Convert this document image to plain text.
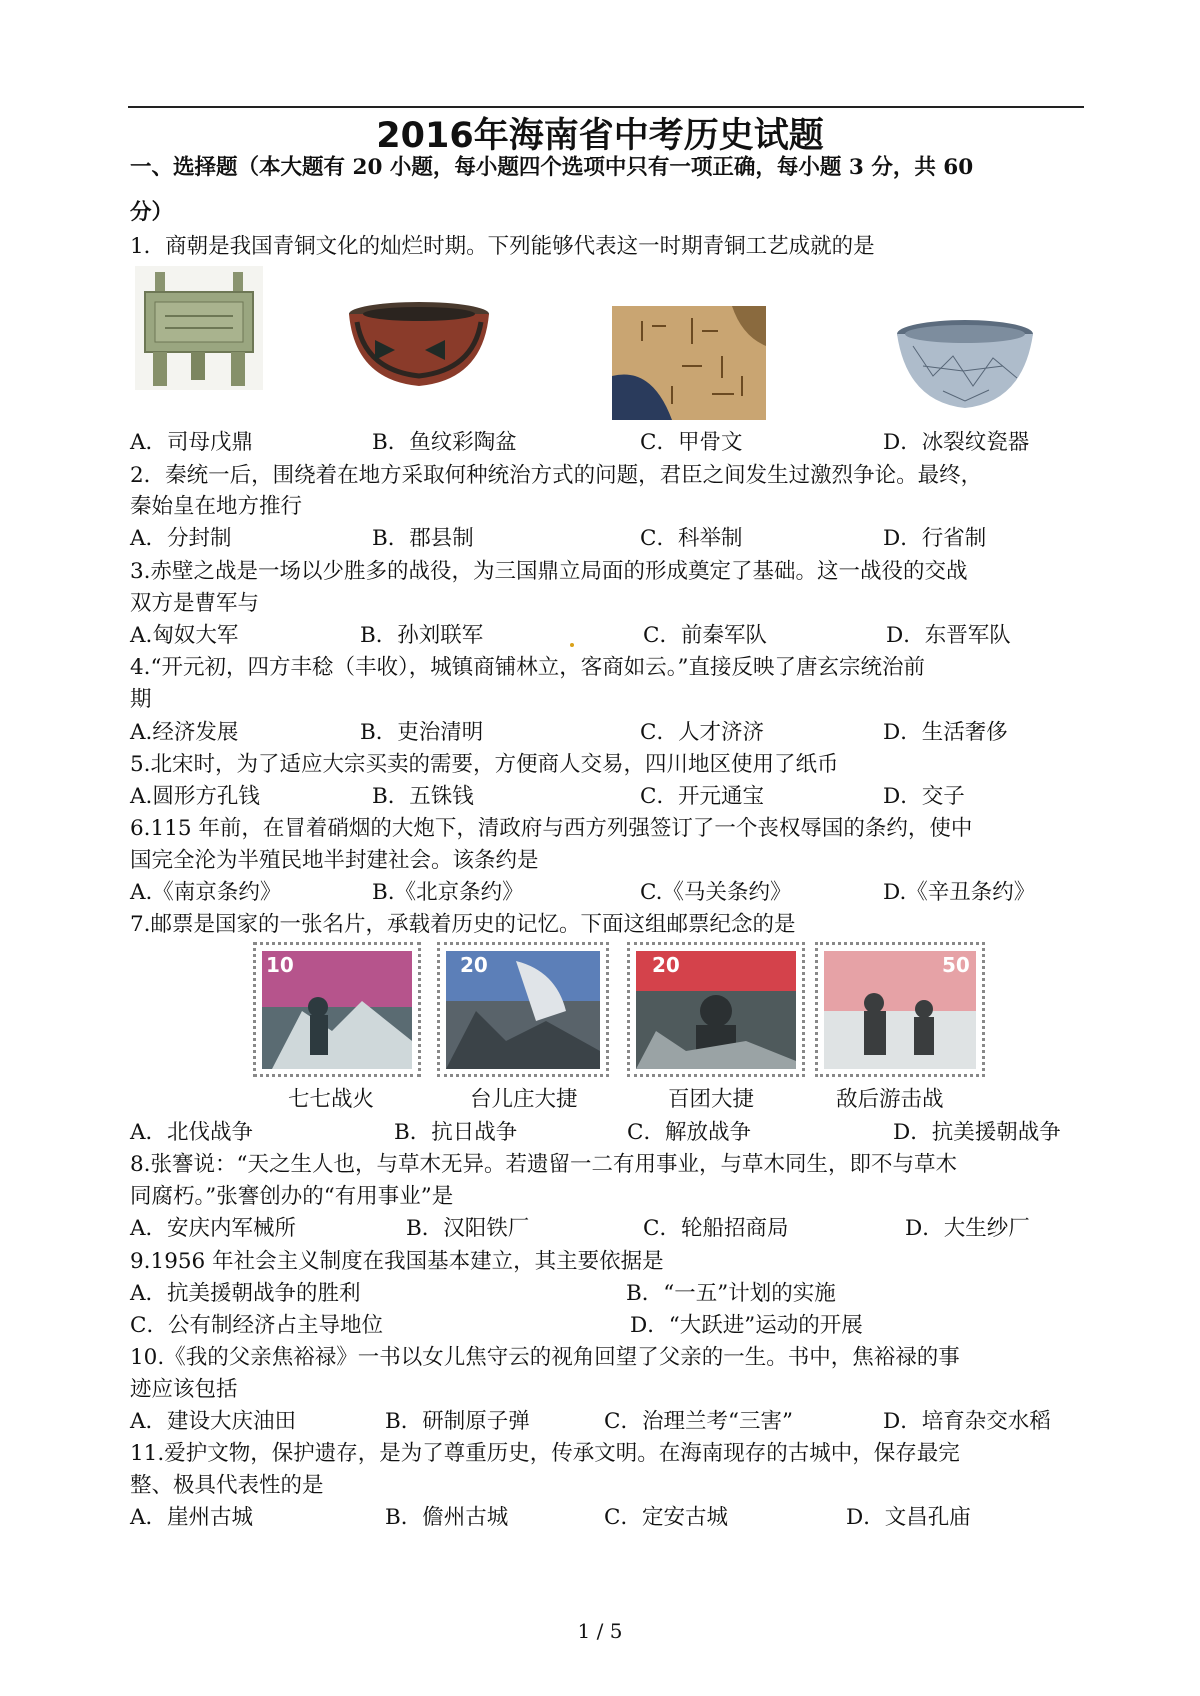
2016年海南省中考历史试题
一、选择题（本大题有 20 小题，每小题四个选项中只有一项正确，每小题 3 分，共 60
分）
1．商朝是我国青铜文化的灿烂时期。下列能够代表这一时期青铜工艺成就的是
A．司母戊鼎	B．鱼纹彩陶盆	C．甲骨文	D．冰裂纹瓷器
2．秦统一后，围绕着在地方采取何种统治方式的问题，君臣之间发生过激烈争论。最终，
秦始皇在地方推行
A．分封制	B．郡县制	C．科举制	D．行省制
3.赤壁之战是一场以少胜多的战役，为三国鼎立局面的形成奠定了基础。这一战役的交战
双方是曹军与
A.匈奴大军	B．孙刘联军	C．前秦军队	D．东晋军队
4.“开元初，四方丰稔（丰收），城镇商铺林立，客商如云。”直接反映了唐玄宗统治前
期
A.经济发展	B．吏治清明	C．人才济济	D．生活奢侈
5.北宋时，为了适应大宗买卖的需要，方便商人交易，四川地区使用了纸币
A.圆形方孔钱	B．五铢钱	C．开元通宝	D．交子
6.115 年前，在冒着硝烟的大炮下，清政府与西方列强签订了一个丧权辱国的条约，使中
国完全沦为半殖民地半封建社会。该条约是
A.《南京条约》	B.《北京条约》	C.《马关条约》	D.《辛丑条约》
7.邮票是国家的一张名片，承载着历史的记忆。下面这组邮票纪念的是
10	20	20	50
七七战火	台儿庄大捷	百团大捷	敌后游击战
A．北伐战争	B．抗日战争	C．解放战争	D．抗美援朝战争
8.张謇说：“天之生人也，与草木无异。若遗留一二有用事业，与草木同生，即不与草木
同腐朽。”张謇创办的“有用事业”是
A．安庆内军械所	B．汉阳铁厂	C．轮船招商局	D．大生纱厂
9.1956 年社会主义制度在我国基本建立，其主要依据是
A．抗美援朝战争的胜利	B．“一五”计划的实施
C．公有制经济占主导地位	D．“大跃进”运动的开展
10.《我的父亲焦裕禄》一书以女儿焦守云的视角回望了父亲的一生。书中，焦裕禄的事
迹应该包括
A．建设大庆油田	B．研制原子弹	C．治理兰考“三害”	D．培育杂交水稻
11.爱护文物，保护遗存，是为了尊重历史，传承文明。在海南现存的古城中，保存最完
整、极具代表性的是
A．崖州古城	B．儋州古城	C．定安古城	D．文昌孔庙
1 / 5
